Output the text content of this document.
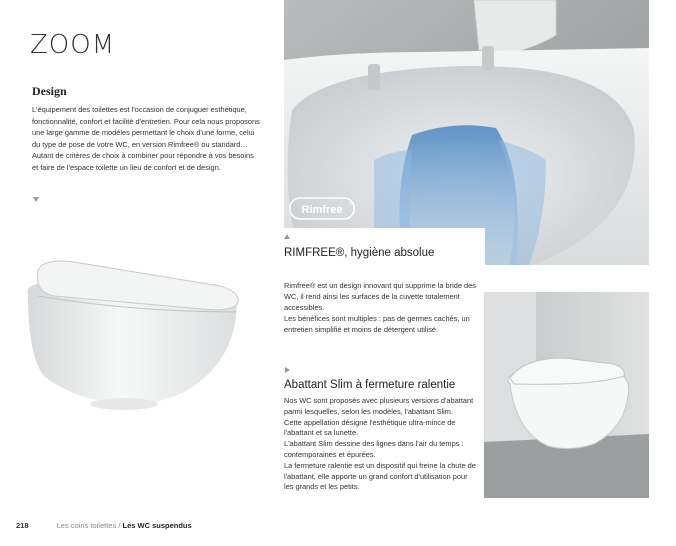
ZOOM
Design

L'équipement des toilettes est l'occasion de conjuguer esthétique, fonctionnalité, confort et facilité d'entretien. Pour cela nous proposons une large gamme de modèles permettant le choix d'une forme, celui du type de pose de votre WC, en version Rimfree® ou standard… Autant de critères de choix à combiner pour répondre à vos besoins et faire de l'espace toilette un lieu de confort et de design.

Rimfree
®
RIMFREE®, hygiène absolue
Rimfree® est un design innovant qui supprime la bride des WC, il rend ainsi les surfaces de la cuvette totalement accessibles.
Les bénéfices sont multiples : pas de germes cachés, un entretien simplifié et moins de détergent utilisé.
Abattant Slim à fermeture ralentie
Nos WC sont proposés avec plusieurs versions d'abattant parmi lesquelles, selon les modèles, l'abattant Slim.
Cette appellation désigne l'esthétique ultra-mince de l'abattant et sa lunette.
L'abattant Slim dessine des lignes dans l'air du temps : contemporaines et épurées.
La fermeture ralentie est un dispositif qui freine la chute de l'abattant, elle apporte un grand confort d'utilisation pour les grands et les petits.
218	Les coins toilettes / Les WC suspendus
